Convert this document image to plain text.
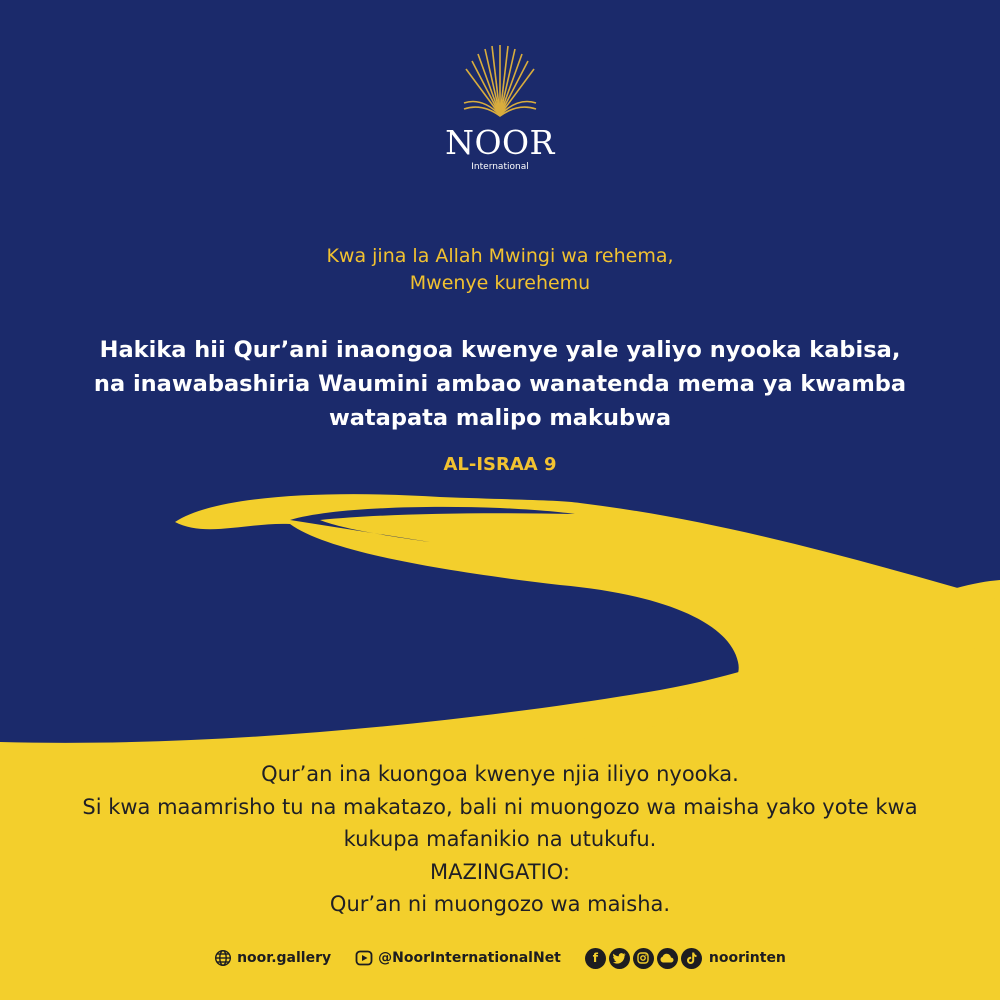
NOOR
International
Kwa jina la Allah Mwingi wa rehema,
Mwenye kurehemu
Hakika hii Qur’ani inaongoa kwenye yale yaliyo nyooka kabisa,
na inawabashiria Waumini ambao wanatenda mema ya kwamba
watapata malipo makubwa
AL-ISRAA 9
Qur’an ina kuongoa kwenye njia iliyo nyooka.
Si kwa maamrisho tu na makatazo, bali ni muongozo wa maisha yako yote kwa
kukupa mafanikio na utukufu.
MAZINGATIO:
Qur’an ni muongozo wa maisha.
noor.gallery	@NoorInternationalNet	f	noorinten
